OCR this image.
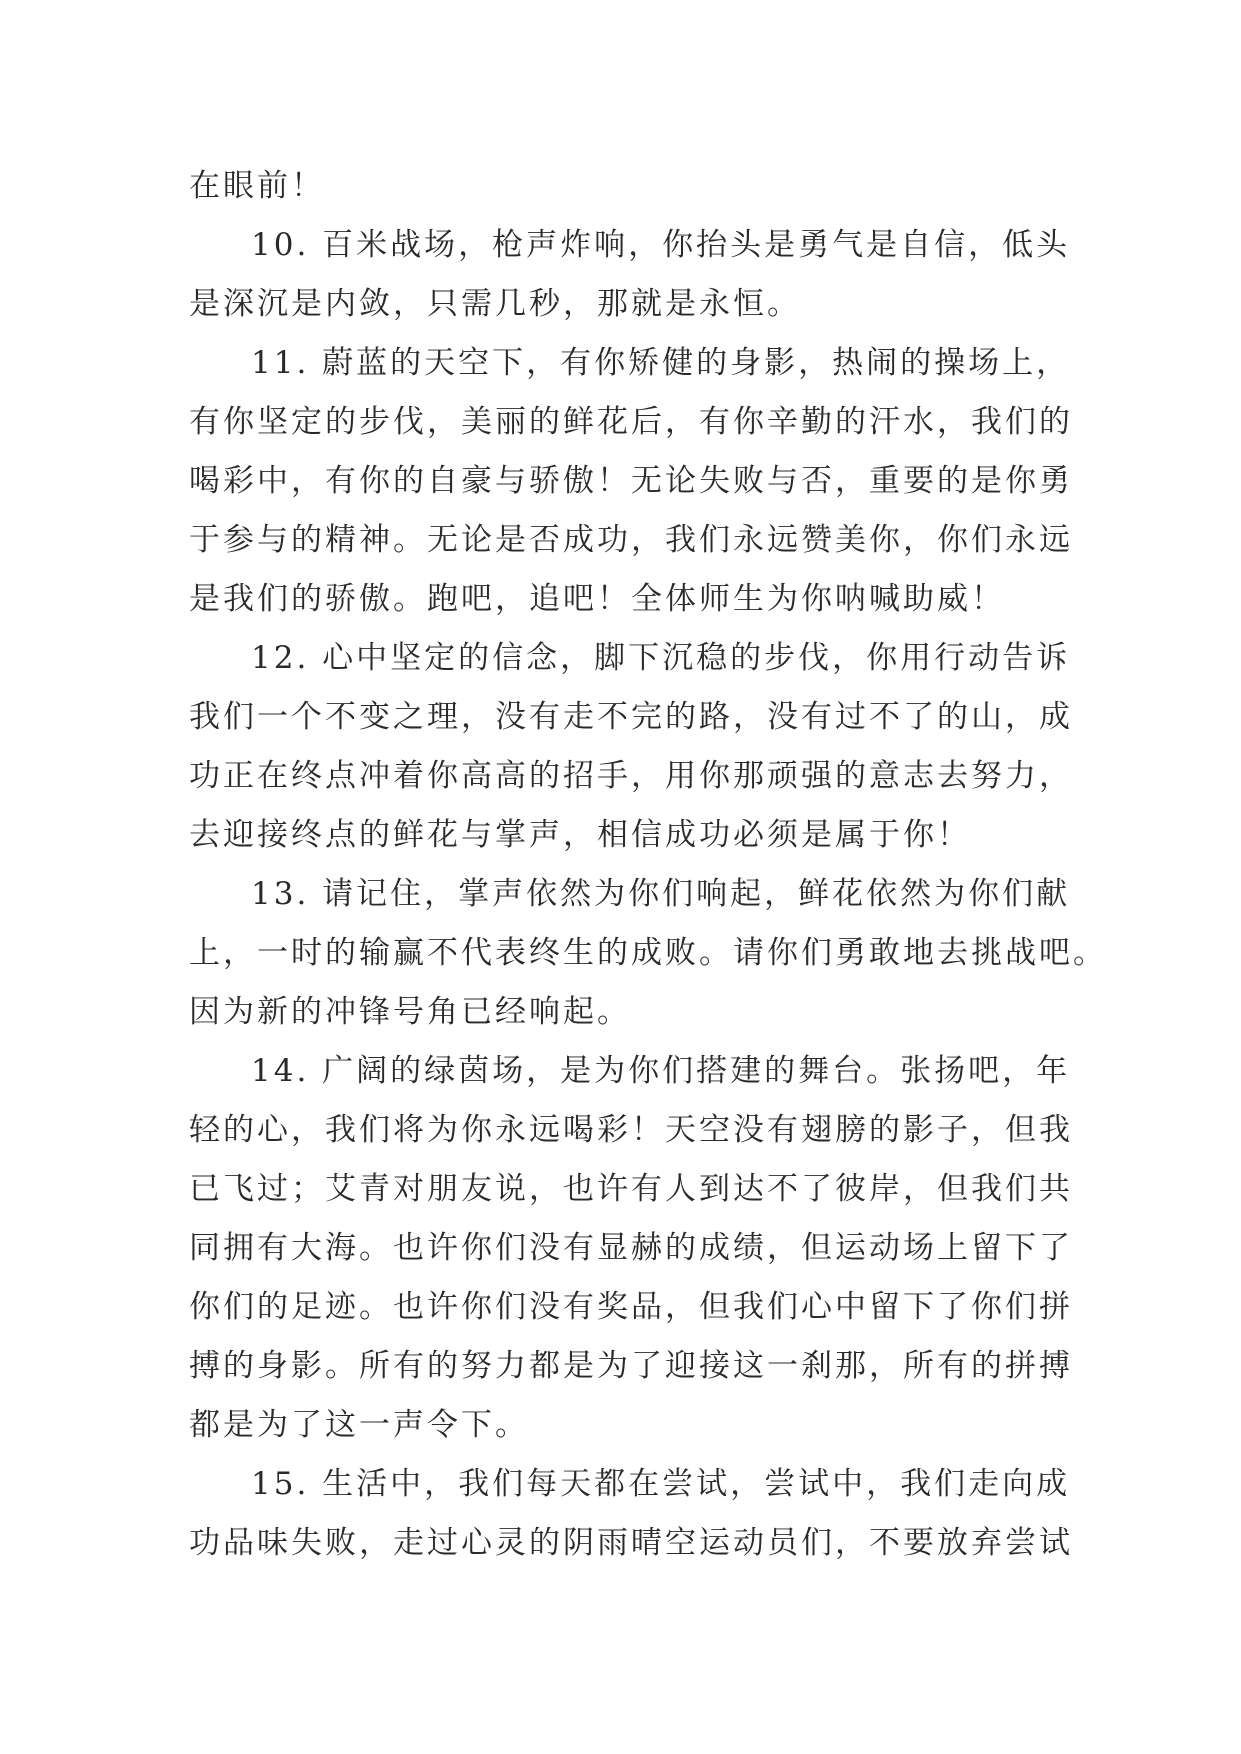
在眼前！
10. 百米战场，枪声炸响，你抬头是勇气是自信，低头
是深沉是内敛，只需几秒，那就是永恒。
11. 蔚蓝的天空下，有你矫健的身影，热闹的操场上，
有你坚定的步伐，美丽的鲜花后，有你辛勤的汗水，我们的
喝彩中，有你的自豪与骄傲！无论失败与否，重要的是你勇
于参与的精神。无论是否成功，我们永远赞美你，你们永远
是我们的骄傲。跑吧，追吧！全体师生为你呐喊助威！
12. 心中坚定的信念，脚下沉稳的步伐，你用行动告诉
我们一个不变之理，没有走不完的路，没有过不了的山，成
功正在终点冲着你高高的招手，用你那顽强的意志去努力，
去迎接终点的鲜花与掌声，相信成功必须是属于你！
13. 请记住，掌声依然为你们响起，鲜花依然为你们献
上，一时的输赢不代表终生的成败。请你们勇敢地去挑战吧。
因为新的冲锋号角已经响起。
14. 广阔的绿茵场，是为你们搭建的舞台。张扬吧，年
轻的心，我们将为你永远喝彩！天空没有翅膀的影子，但我
已飞过；艾青对朋友说，也许有人到达不了彼岸，但我们共
同拥有大海。也许你们没有显赫的成绩，但运动场上留下了
你们的足迹。也许你们没有奖品，但我们心中留下了你们拼
搏的身影。所有的努力都是为了迎接这一刹那，所有的拼搏
都是为了这一声令下。
15. 生活中，我们每天都在尝试，尝试中，我们走向成
功品味失败，走过心灵的阴雨晴空运动员们，不要放弃尝试
